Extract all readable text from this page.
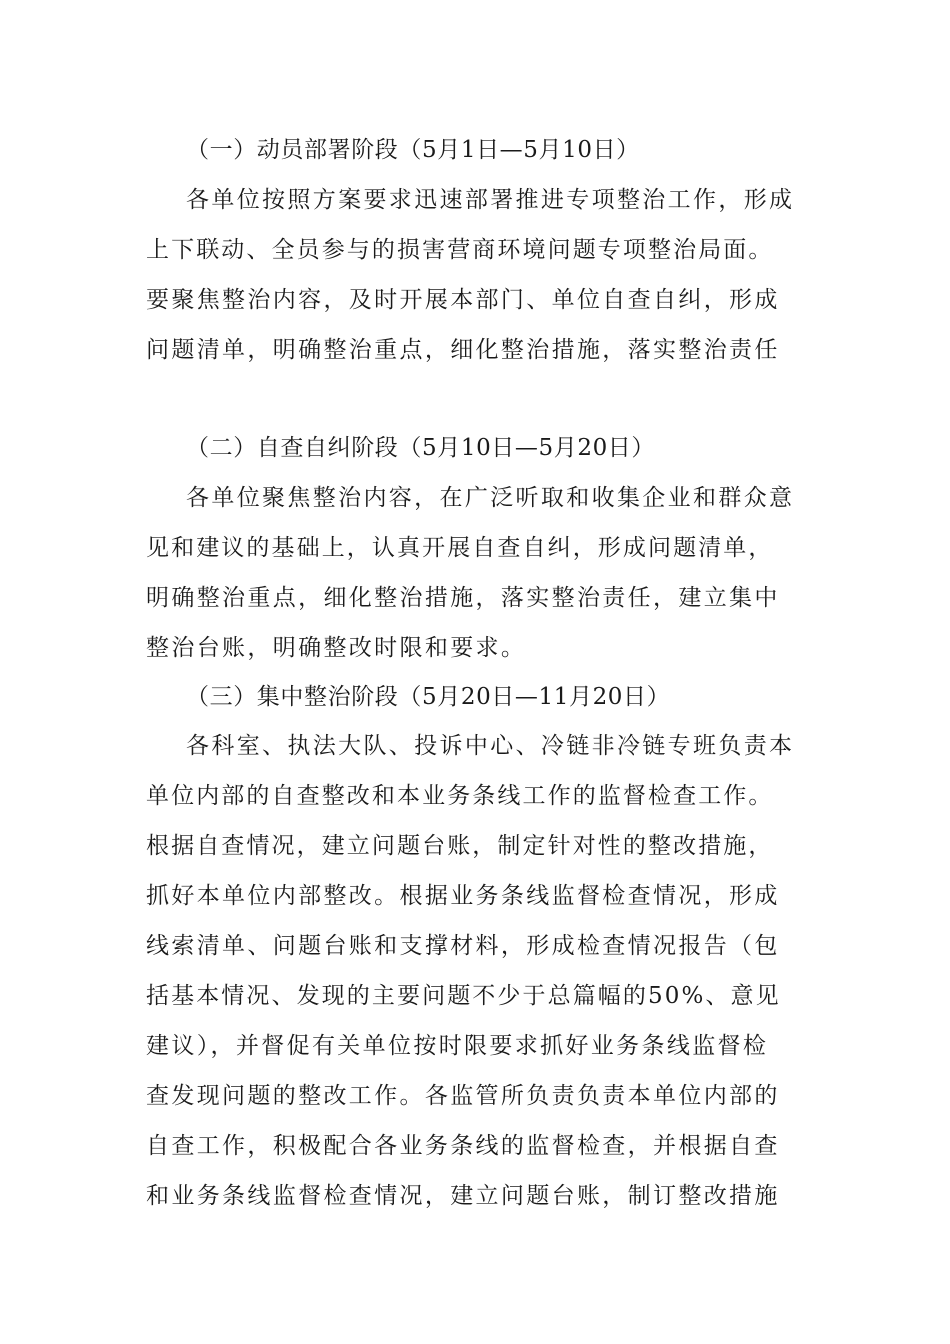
（一）动员部署阶段（5月1日—5月10日）
各单位按照方案要求迅速部署推进专项整治工作，形成
上下联动、全员参与的损害营商环境问题专项整治局面。
要聚焦整治内容，及时开展本部门、单位自查自纠，形成
问题清单，明确整治重点，细化整治措施，落实整治责任
（二）自查自纠阶段（5月10日—5月20日）
各单位聚焦整治内容，在广泛听取和收集企业和群众意
见和建议的基础上，认真开展自查自纠，形成问题清单，
明确整治重点，细化整治措施，落实整治责任，建立集中
整治台账，明确整改时限和要求。
（三）集中整治阶段（5月20日—11月20日）
各科室、执法大队、投诉中心、冷链非冷链专班负责本
单位内部的自查整改和本业务条线工作的监督检查工作。
根据自查情况，建立问题台账，制定针对性的整改措施，
抓好本单位内部整改。根据业务条线监督检查情况，形成
线索清单、问题台账和支撑材料，形成检查情况报告（包
括基本情况、发现的主要问题不少于总篇幅的50%、意见
建议），并督促有关单位按时限要求抓好业务条线监督检
查发现问题的整改工作。各监管所负责负责本单位内部的
自查工作，积极配合各业务条线的监督检查，并根据自查
和业务条线监督检查情况，建立问题台账，制订整改措施
